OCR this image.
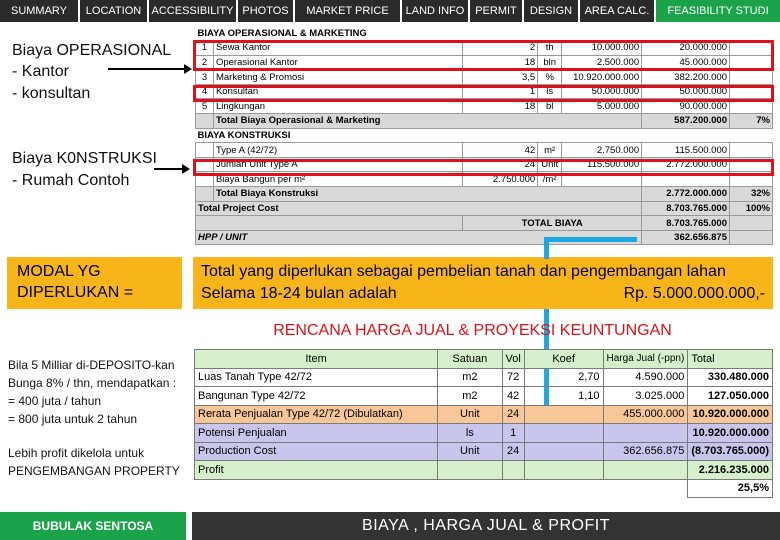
SUMMARY	LOCATION ACCESSIBILITY PHOTOS	MARKET PRICE	LAND INFO PERMIT	DESIGN	AREA CALC.	FEASIBILITY STUDI
Biaya OPERASIONAL
- Kantor
- konsultan
Biaya K0NSTRUKSI
- Rumah Contoh
BIAYA OPERASIONAL & MARKETING						
1	Sewa Kantor	2	th	10.000.000	20.000.000	
2	Operasional Kantor	18	bln	2.500.000	45.000.000	
3	Marketing & Promosi	3,5	%	10.920.000.000	382.200.000	
4	Konsultan	1	ls	50.000.000	50.000.000	
5	Lingkungan	18	bl	5.000.000	90.000.000	
	Total Biaya Operasional & Marketing				587.200.000	7%
BIAYA KONSTRUKSI						
	Type A (42/72)	42	m²	2.750.000	115.500.000	
	Jumlah Unit Type A	24	Unit	115.500.000	2.772.000.000	
	Biaya Bangun per m²	2.750.000	/m²			
	Total Biaya Konstruksi				2.772.000.000	32%
Total Project Cost					8.703.765.000	100%
		TOTAL BIAYA			8.703.765.000	
HPP / UNIT					362.656.875	
MODAL YG
DIPERLUKAN =
Total yang diperlukan sebagai pembelian tanah dan pengembangan lahan
Selama 18-24 bulan adalah	Rp. 5.000.000.000,-
RENCANA HARGA JUAL & PROYEKSI KEUNTUNGAN
Bila 5 Milliar di-DEPOSITO-kan
Bunga 8% / thn, mendapatkan :
= 400 juta / tahun
= 800 juta untuk 2 tahun
Lebih profit dikelola untuk
PENGEMBANGAN PROPERTY
Item	Satuan	Vol	Koef	Harga Jual (-ppn)	Total
Luas Tanah Type 42/72	m2	72	2,70	4.590.000	330.480.000
Bangunan Type 42/72	m2	42	1,10	3.025.000	127.050.000
Rerata Penjualan Type 42/72 (Dibulatkan)	Unit	24		455.000.000	10.920.000.000
Potensi Penjualan	ls	1			10.920.000.000
Production Cost	Unit	24		362.656.875	(8.703.765.000)
Profit					2.216.235.000
					25,5%
BUBULAK SENTOSA	BIAYA , HARGA JUAL & PROFIT
